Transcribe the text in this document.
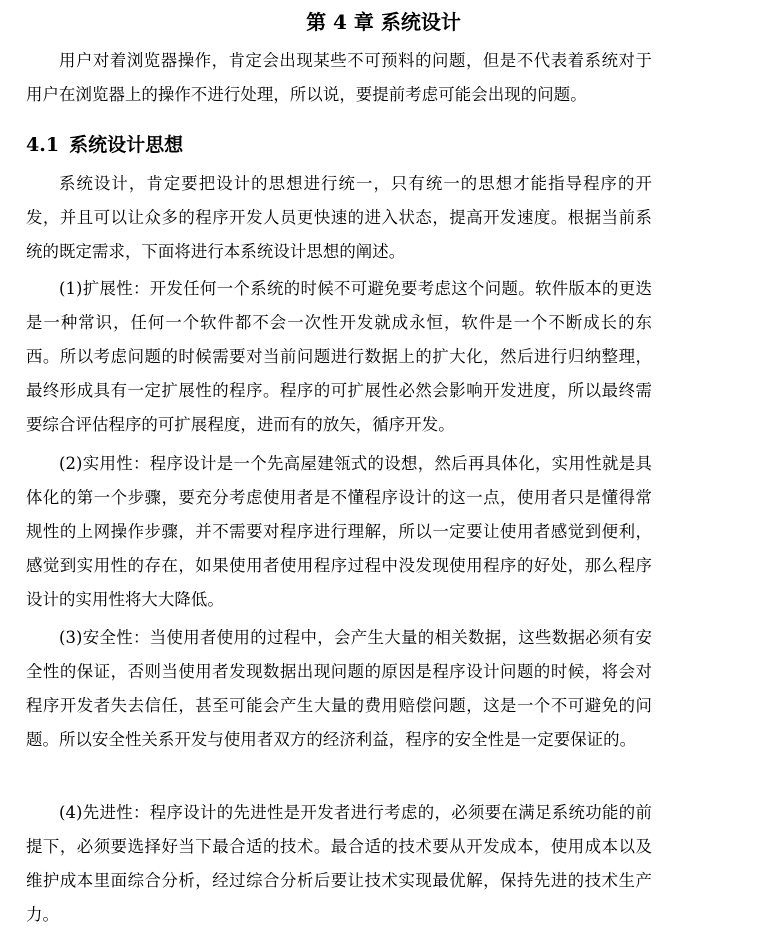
第 4 章 系统设计

用户对着浏览器操作，肯定会出现某些不可预料的问题，但是不代表着系统对于用户在浏览器上的操作不进行处理，所以说，要提前考虑可能会出现的问题。

4.1 系统设计思想

系统设计，肯定要把设计的思想进行统一，只有统一的思想才能指导程序的开发，并且可以让众多的程序开发人员更快速的进入状态，提高开发速度。根据当前系统的既定需求，下面将进行本系统设计思想的阐述。

(1)扩展性：开发任何一个系统的时候不可避免要考虑这个问题。软件版本的更迭是一种常识，任何一个软件都不会一次性开发就成永恒，软件是一个不断成长的东西。所以考虑问题的时候需要对当前问题进行数据上的扩大化，然后进行归纳整理，最终形成具有一定扩展性的程序。程序的可扩展性必然会影响开发进度，所以最终需要综合评估程序的可扩展程度，进而有的放矢，循序开发。

(2)实用性：程序设计是一个先高屋建瓴式的设想，然后再具体化，实用性就是具体化的第一个步骤，要充分考虑使用者是不懂程序设计的这一点，使用者只是懂得常规性的上网操作步骤，并不需要对程序进行理解，所以一定要让使用者感觉到便利，感觉到实用性的存在，如果使用者使用程序过程中没发现使用程序的好处，那么程序设计的实用性将大大降低。

(3)安全性：当使用者使用的过程中，会产生大量的相关数据，这些数据必须有安全性的保证，否则当使用者发现数据出现问题的原因是程序设计问题的时候，将会对程序开发者失去信任，甚至可能会产生大量的费用赔偿问题，这是一个不可避免的问题。所以安全性关系开发与使用者双方的经济利益，程序的安全性是一定要保证的。

(4)先进性：程序设计的先进性是开发者进行考虑的，必须要在满足系统功能的前提下，必须要选择好当下最合适的技术。最合适的技术要从开发成本，使用成本以及维护成本里面综合分析，经过综合分析后要让技术实现最优解，保持先进的技术生产力。
